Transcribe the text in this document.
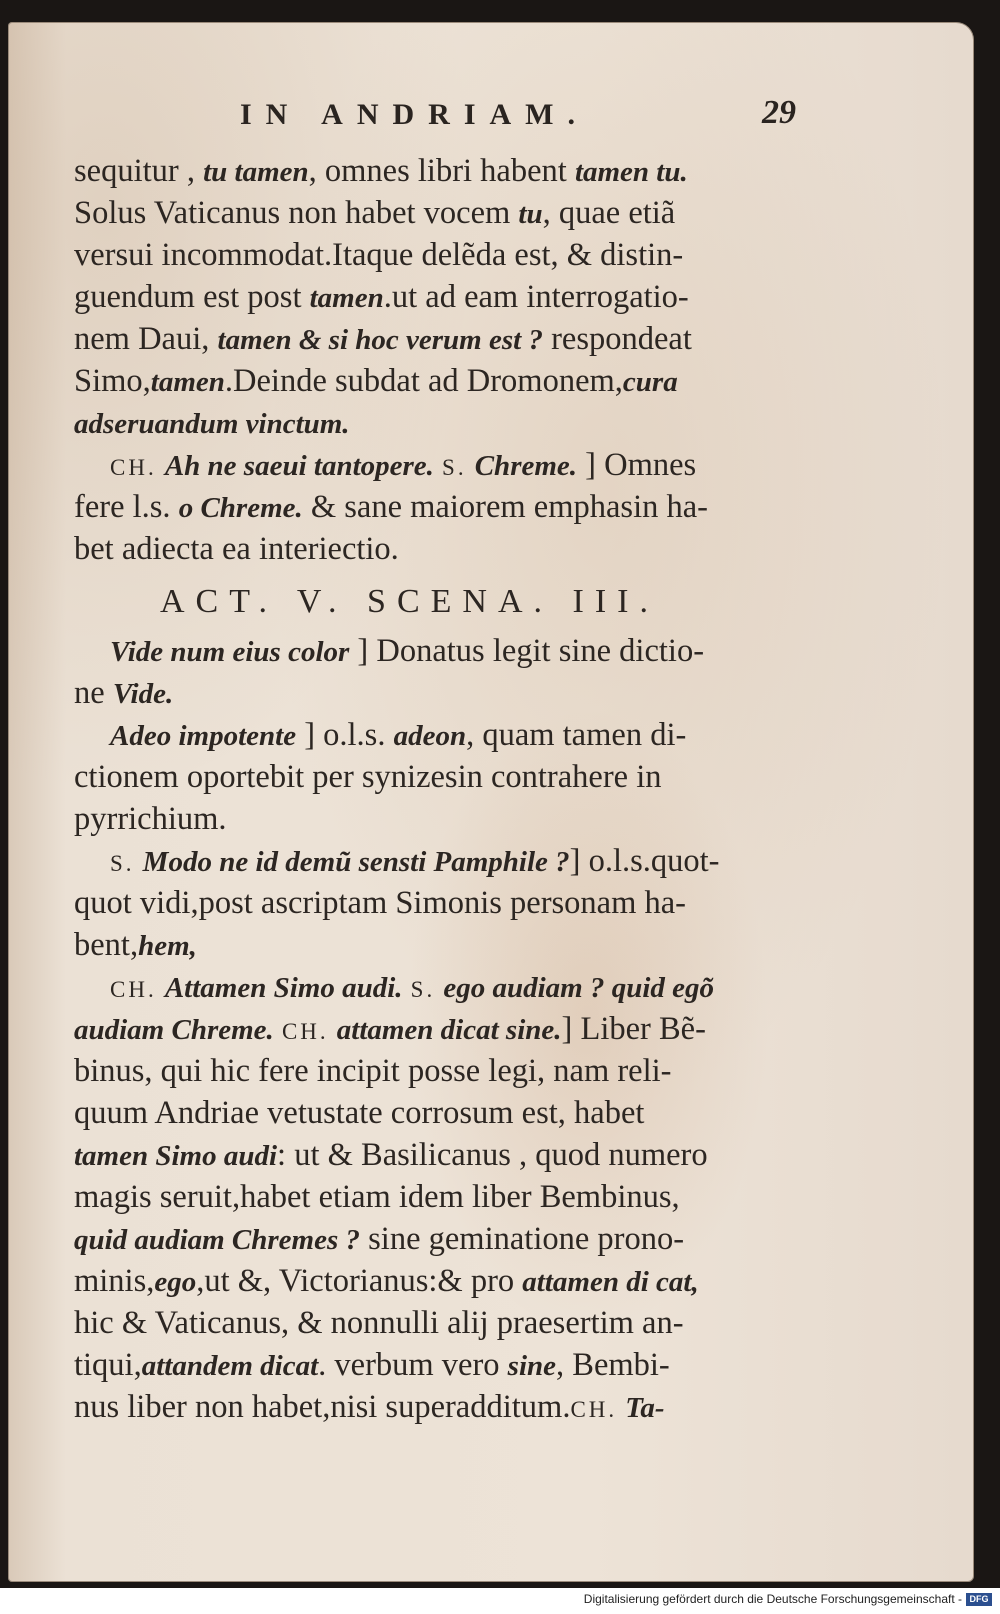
IN ANDRIAM.	29
sequitur , tu tamen, omnes libri habent tamen tu.
Solus Vaticanus non habet vocem tu, quae etiã
versui incommodat.Itaque delẽda est, & distin-
guendum est post tamen.ut ad eam interrogatio-
nem Daui, tamen & si hoc verum est ? respondeat
Simo,tamen.Deinde subdat ad Dromonem,cura
adseruandum vinctum.
CH. Ah ne saeui tantopere. S. Chreme. ] Omnes
fere l.s. o Chreme. & sane maiorem emphasin ha-
bet adiecta ea interiectio.
ACT. V. SCENA. III.
Vide num eius color ] Donatus legit sine dictio-
ne Vide.
Adeo impotente ] o.l.s. adeon, quam tamen di-
ctionem oportebit per synizesin contrahere in
pyrrichium.
S. Modo ne id demũ sensti Pamphile ?] o.l.s.quot-
quot vidi,post ascriptam Simonis personam ha-
bent,hem,
CH. Attamen Simo audi. S. ego audiam ? quid egõ
audiam Chreme. CH. attamen dicat sine.] Liber Bẽ-
binus, qui hic fere incipit posse legi, nam reli-
quum Andriae vetustate corrosum est, habet
tamen Simo audi: ut & Basilicanus , quod numero
magis seruit,habet etiam idem liber Bembinus,
quid audiam Chremes ? sine geminatione prono-
minis,ego,ut &, Victorianus:& pro attamen di cat,
hic & Vaticanus, & nonnulli alij praesertim an-
tiqui,attandem dicat. verbum vero sine, Bembi-
nus liber non habet,nisi superadditum.CH. Ta-
Digitalisierung gefördert durch die Deutsche Forschungsgemeinschaft - DFG
